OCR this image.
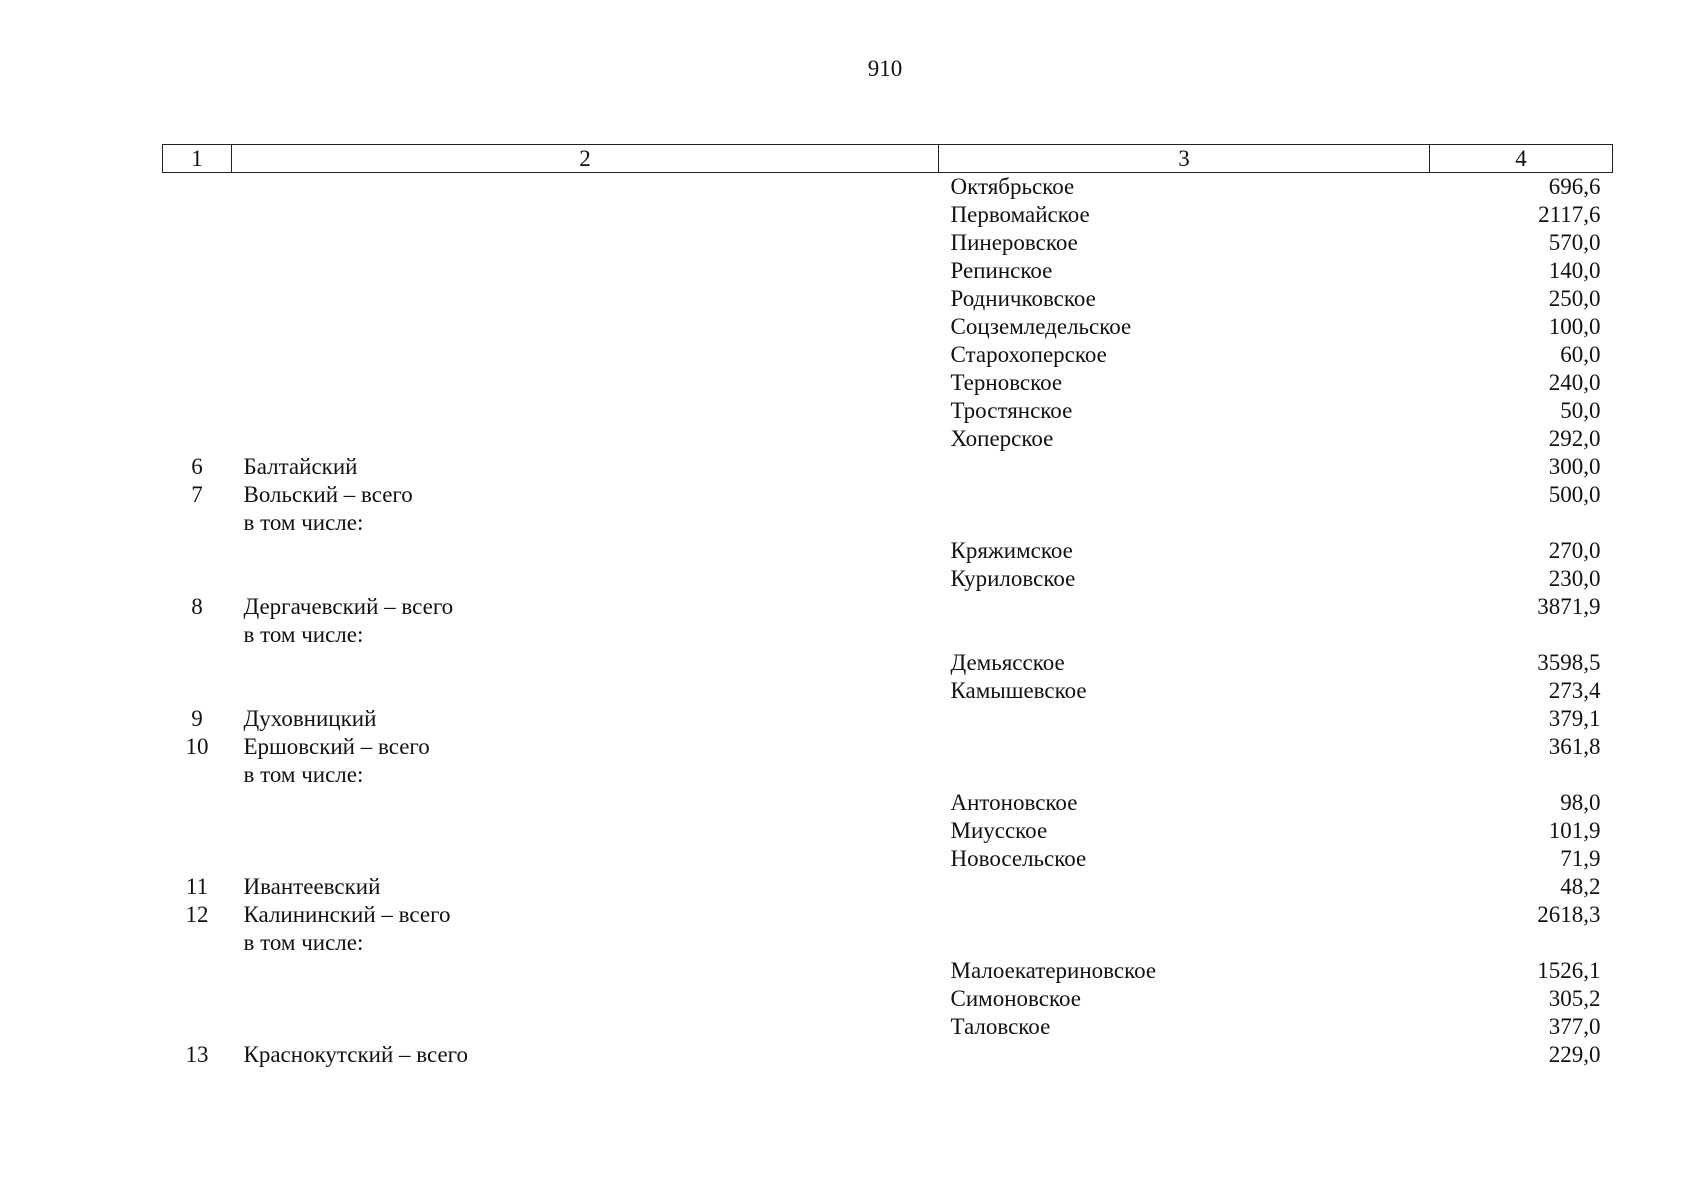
910
1	2	3	4
		Октябрьское	696,6
		Первомайское	2117,6
		Пинеровское	570,0
		Репинское	140,0
		Родничковское	250,0
		Соцземледельское	100,0
		Старохоперское	60,0
		Терновское	240,0
		Тростянское	50,0
		Хоперское	292,0
6	Балтайский		300,0
7	Вольский – всего		500,0
	в том числе:		
		Кряжимское	270,0
		Куриловское	230,0
8	Дергачевский – всего		3871,9
	в том числе:		
		Демьясское	3598,5
		Камышевское	273,4
9	Духовницкий		379,1
10	Ершовский – всего		361,8
	в том числе:		
		Антоновское	98,0
		Миусское	101,9
		Новосельское	71,9
11	Ивантеевский		48,2
12	Калининский – всего		2618,3
	в том числе:		
		Малоекатериновское	1526,1
		Симоновское	305,2
		Таловское	377,0
13	Краснокутский – всего		229,0
